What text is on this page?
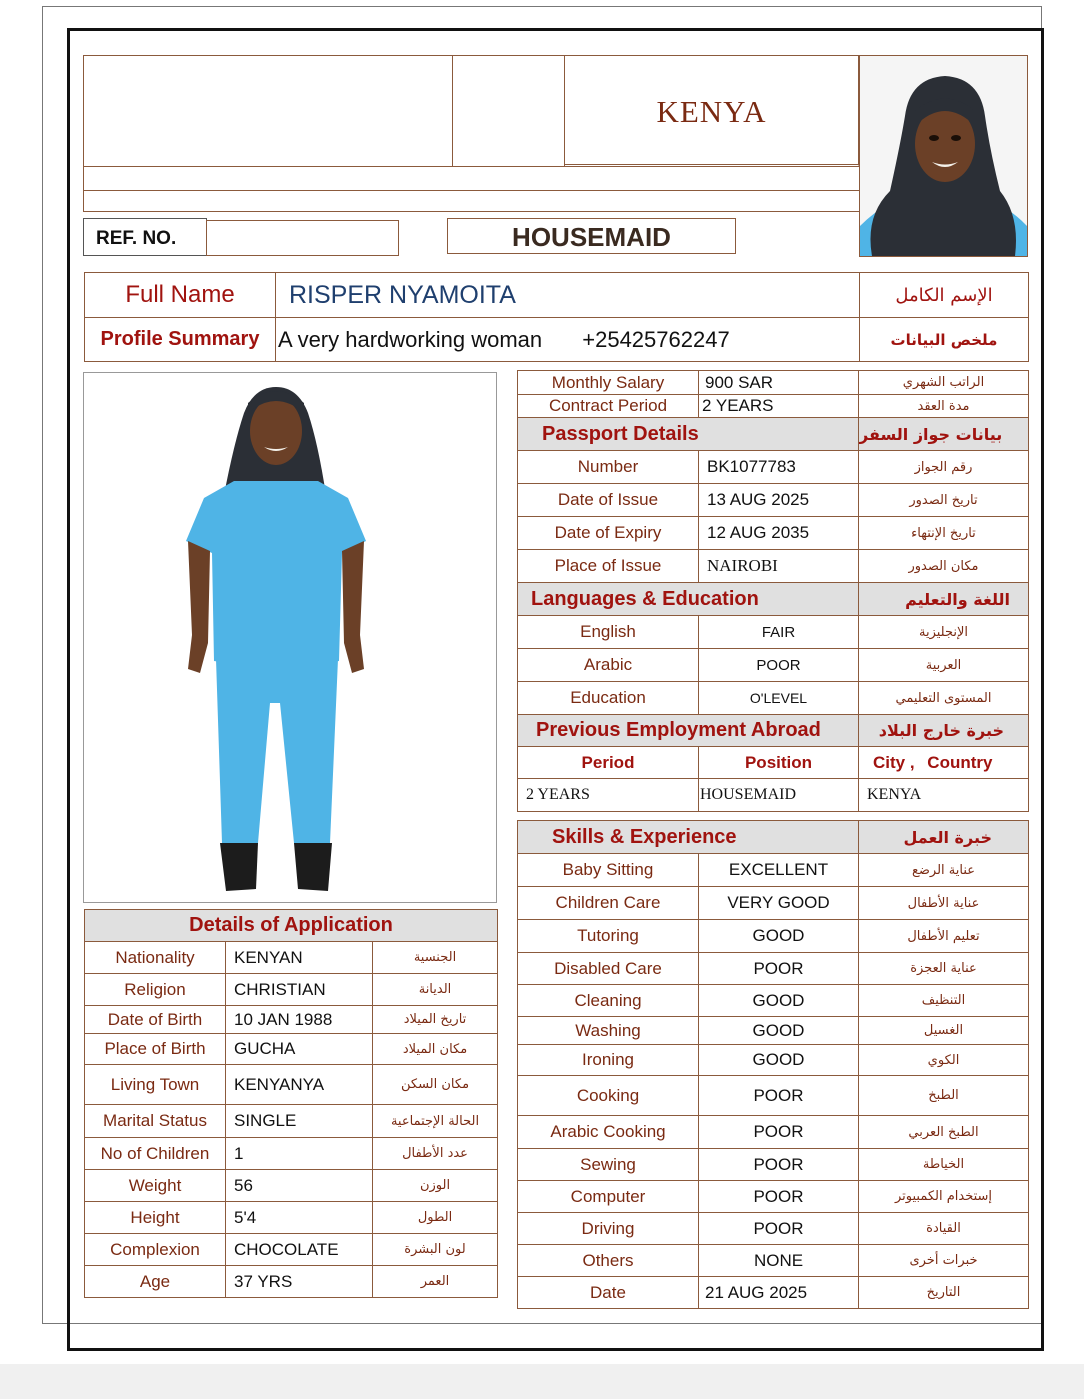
KENYA
REF. NO.	HOUSEMAID
Full Name	RISPER NYAMOITA	الإسم الكامل
Profile Summary	A very hardworking woman +25425762247	ملخص البيانات
Details of Application		
Nationality	KENYAN	الجنسية
Religion	CHRISTIAN	الديانة
Date of Birth	10 JAN 1988	تاريخ الميلاد
Place of Birth	GUCHA	مكان الميلاد
Living Town	KENYANYA	مكان السكن
Marital Status	SINGLE	الحالة الإجتماعية
No of Children	1	عدد الأطفال
Weight	56	الوزن
Height	5'4	الطول
Complexion	CHOCOLATE	لون البشرة
Age	37 YRS	العمر
Monthly Salary	900 SAR	الراتب الشهري
Contract Period	2 YEARS	مدة العقد
Passport Details		بيانات جواز السفر
Number	BK1077783	رقم الجواز
Date of Issue	13 AUG 2025	تاريخ الصدور
Date of Expiry	12 AUG 2035	تاريخ الإنتهاء
Place of Issue	NAIROBI	مكان الصدور
Languages & Education		اللغة والتعليم
English	FAIR	الإنجليزية
Arabic	POOR	العربية
Education	O'LEVEL	المستوى التعليمي
Previous Employment Abroad		خبرة خارج البلاد
Period	Position	City , Country
2 YEARS	HOUSEMAID	KENYA

Skills & Experience		خبرة العمل
Baby Sitting	EXCELLENT	عناية الرضع
Children Care	VERY GOOD	عناية الأطفال
Tutoring	GOOD	تعليم الأطفال
Disabled Care	POOR	عناية العجزة
Cleaning	GOOD	التنظيف
Washing	GOOD	الغسيل
Ironing	GOOD	الكوي
Cooking	POOR	الطبخ
Arabic Cooking	POOR	الطبخ العربي
Sewing	POOR	الخياطة
Computer	POOR	إستخدام الكمبيوتر
Driving	POOR	القيادة
Others	NONE	خبرات أخرى
Date	21 AUG 2025	التاريخ
